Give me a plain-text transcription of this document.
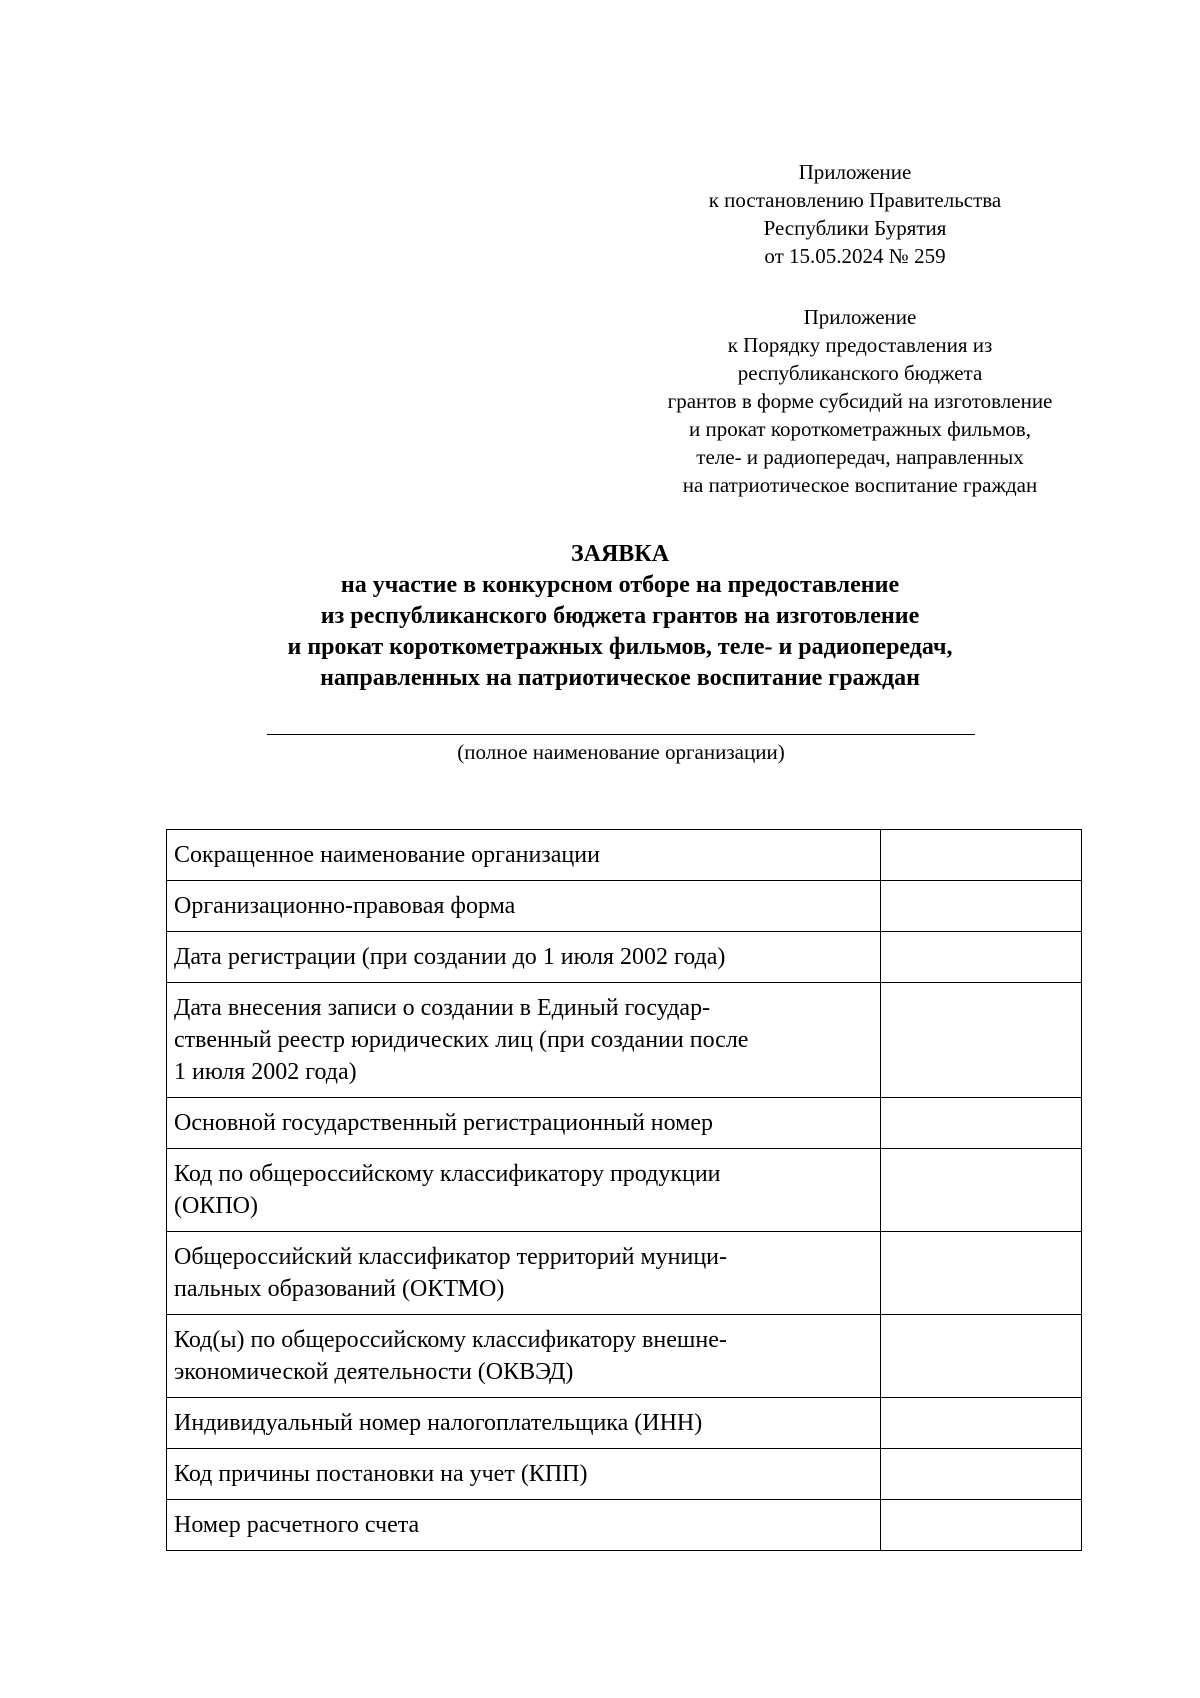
Приложение
к постановлению Правительства
Республики Бурятия
от 15.05.2024 № 259
Приложение
к Порядку предоставления из
республиканского бюджета
грантов в форме субсидий на изготовление
и прокат короткометражных фильмов,
теле- и радиопередач, направленных
на патриотическое воспитание граждан
ЗАЯВКА
на участие в конкурсном отборе на предоставление
из республиканского бюджета грантов на изготовление
и прокат короткометражных фильмов, теле- и радиопередач,
направленных на патриотическое воспитание граждан
(полное наименование организации)
Сокращенное наименование организации	

Организационно-правовая форма	

Дата регистрации (при создании до 1 июля 2002 года)	

Дата внесения записи о создании в Единый государ-
ственный реестр юридических лиц (при создании после
1 июля 2002 года)	

Основной государственный регистрационный номер	

Код по общероссийскому классификатору продукции
(ОКПО)	

Общероссийский классификатор территорий муници-
пальных образований (ОКТМО)	

Код(ы) по общероссийскому классификатору внешне-
экономической деятельности (ОКВЭД)	

Индивидуальный номер налогоплательщика (ИНН)	

Код причины постановки на учет (КПП)	

Номер расчетного счета	
